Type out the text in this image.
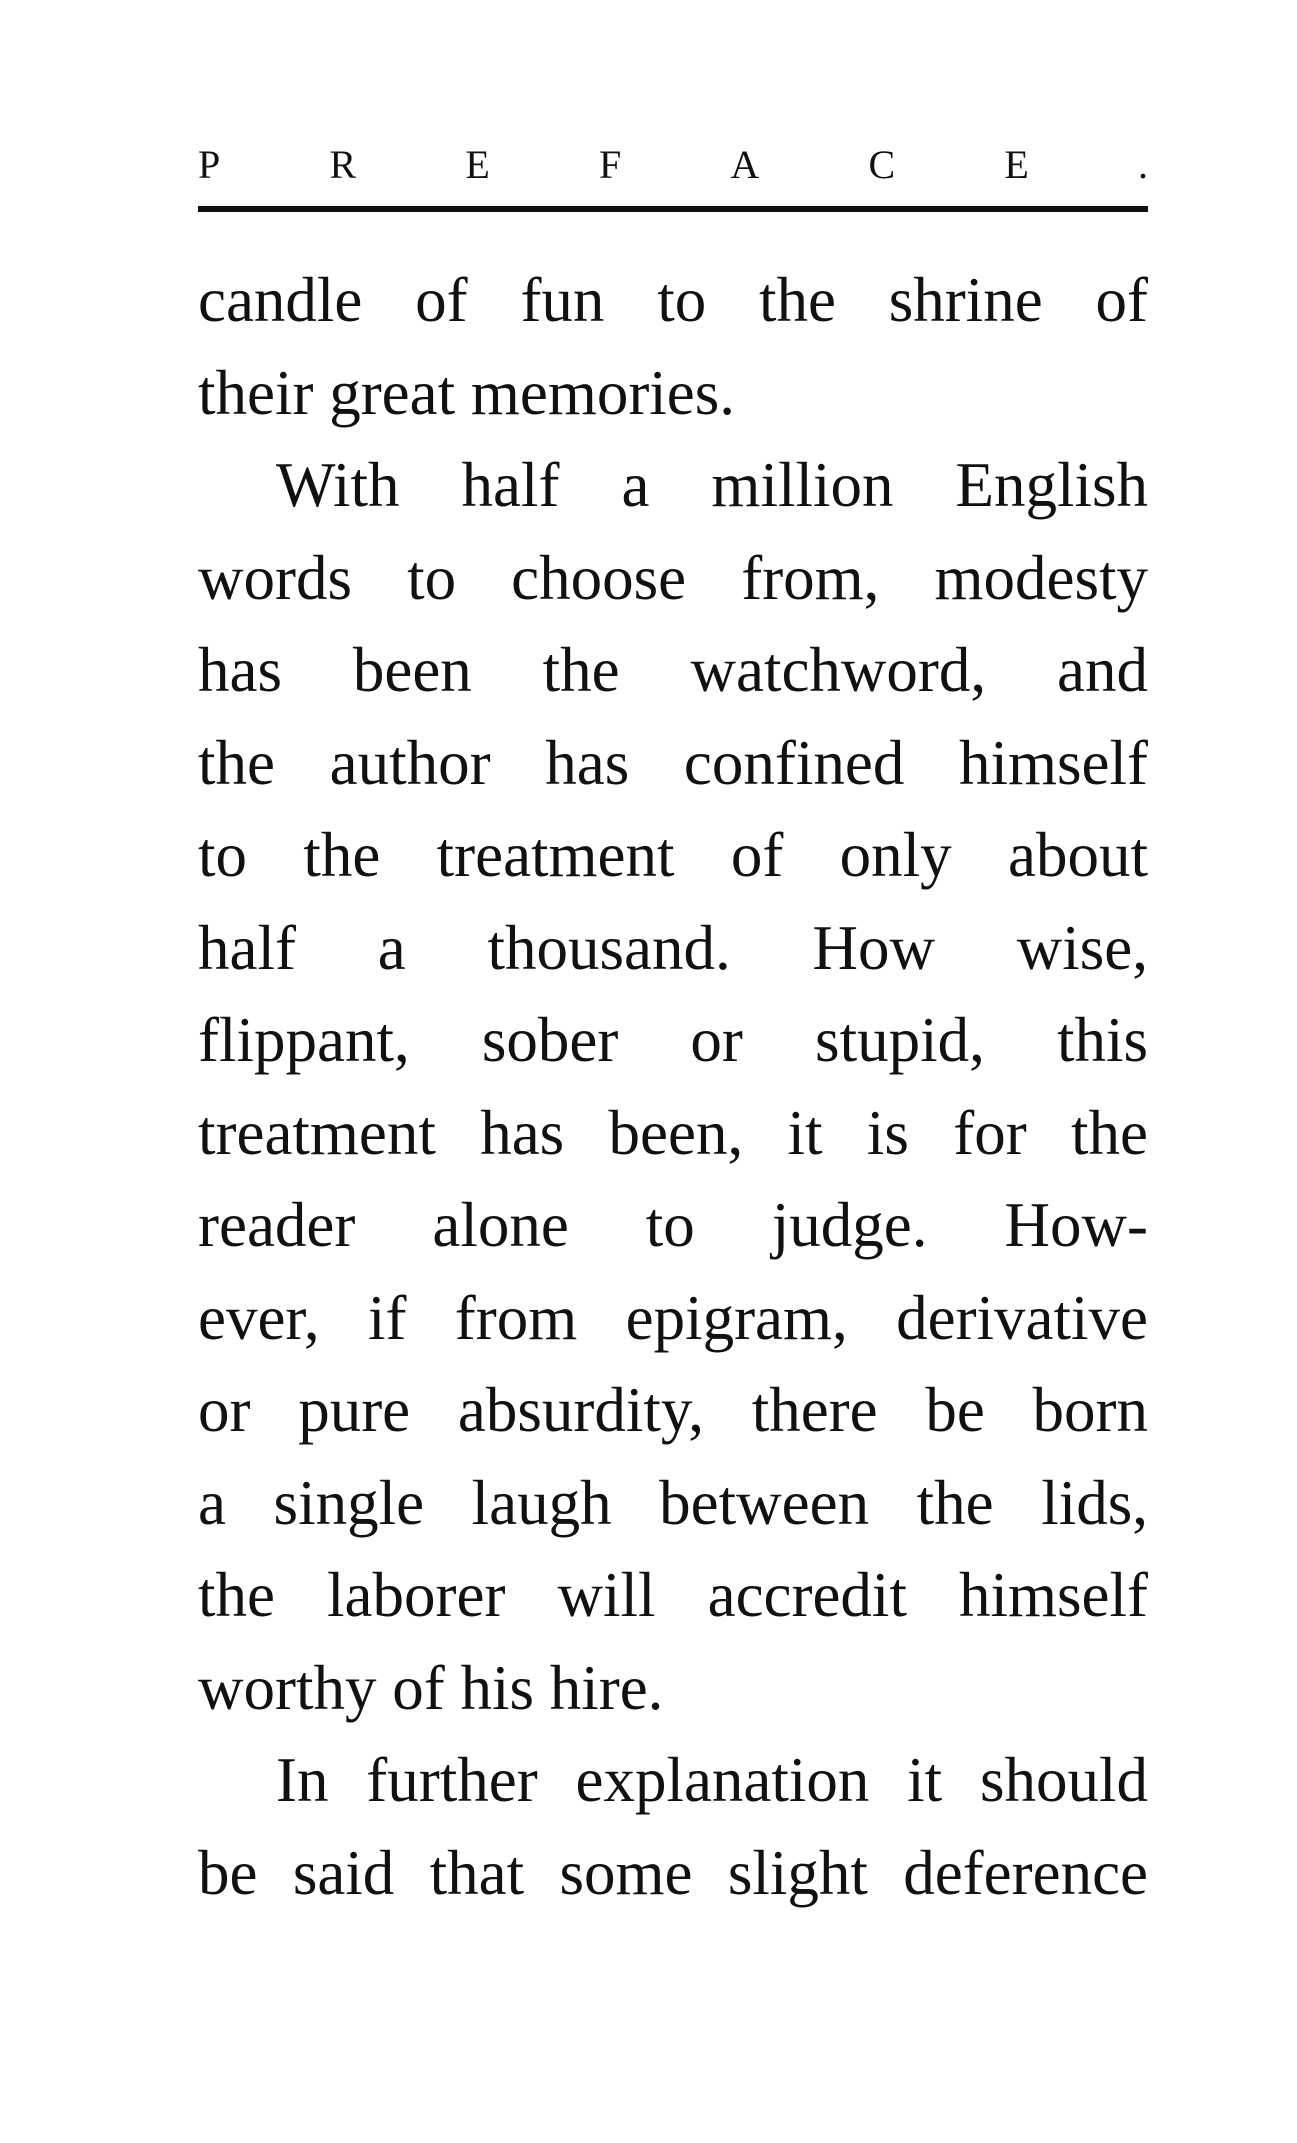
P	R	E	F	A	C	E	.
candle of fun to the shrine of
their great memories.
With half a million English
words to choose from, modesty
has been the watchword, and
the author has confined himself
to the treatment of only about
half a thousand. How wise,
flippant, sober or stupid, this
treatment has been, it is for the
reader alone to judge. How-
ever, if from epigram, derivative
or pure absurdity, there be born
a single laugh between the lids,
the laborer will accredit himself
worthy of his hire.
In further explanation it should
be said that some slight deference
